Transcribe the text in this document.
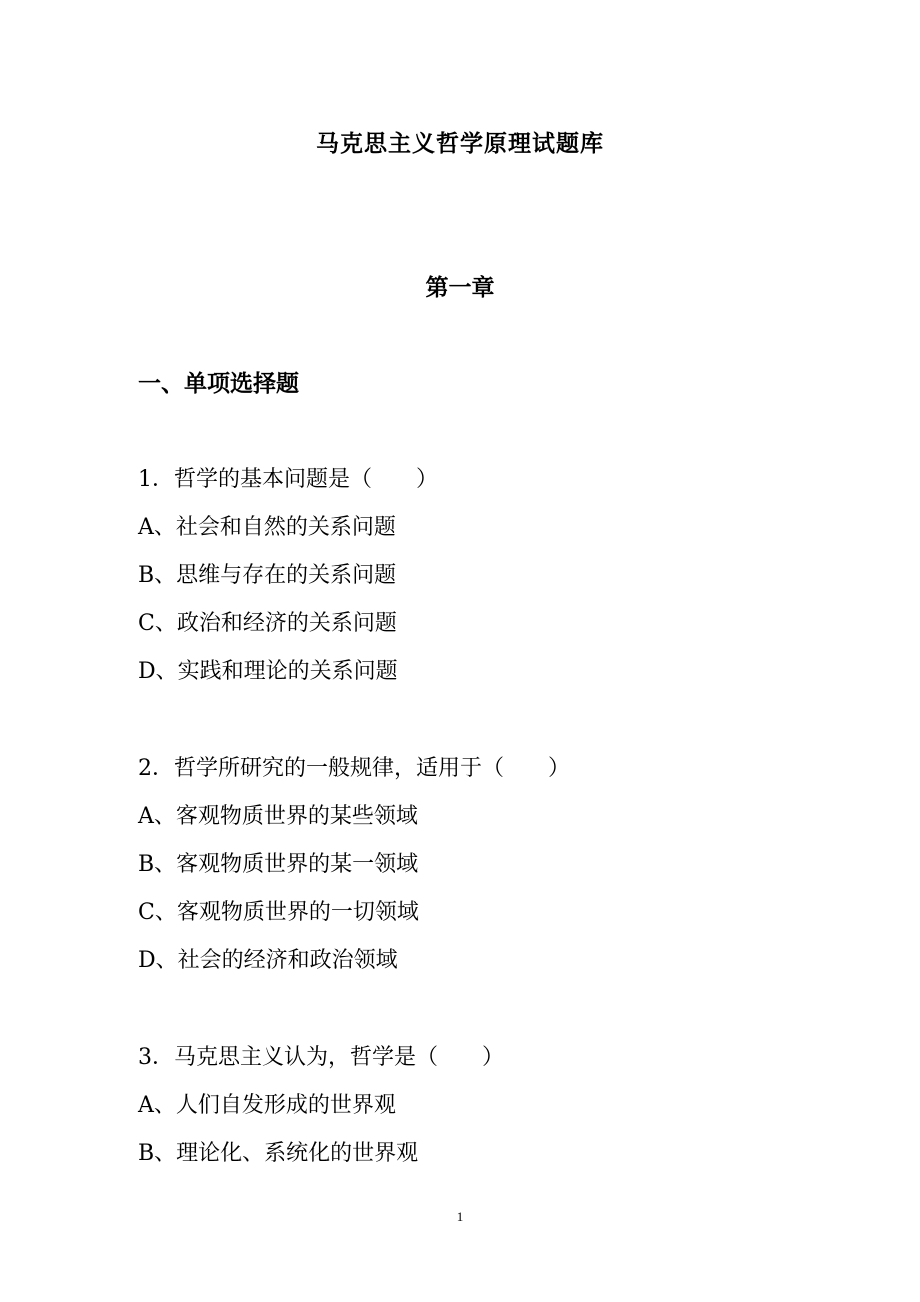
马克思主义哲学原理试题库
第一章
一、单项选择题
1．哲学的基本问题是（　　）
A、社会和自然的关系问题
B、思维与存在的关系问题
C、政治和经济的关系问题
D、实践和理论的关系问题
2．哲学所研究的一般规律，适用于（　　）
A、客观物质世界的某些领域
B、客观物质世界的某一领域
C、客观物质世界的一切领域
D、社会的经济和政治领域
3．马克思主义认为，哲学是（　　）
A、人们自发形成的世界观
B、理论化、系统化的世界观
1
